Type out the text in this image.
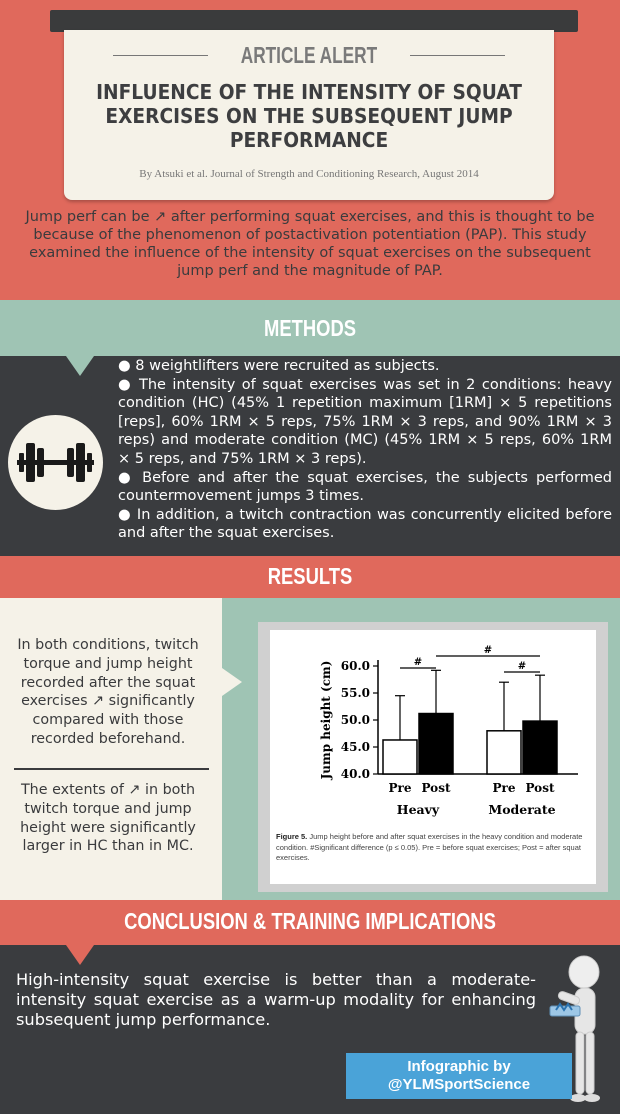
ARTICLE ALERT
INFLUENCE OF THE INTENSITY OF SQUAT EXERCISES ON THE SUBSEQUENT JUMP PERFORMANCE
By Atsuki et al. Journal of Strength and Conditioning Research, August 2014
Jump perf can be ↗ after performing squat exercises, and this is thought to be because of the phenomenon of postactivation potentiation (PAP). This study examined the influence of the intensity of squat exercises on the subsequent jump perf and the magnitude of PAP.
METHODS

● 8 weightlifters were recruited as subjects.

● The intensity of squat exercises was set in 2 conditions: heavy condition (HC) (45% 1 repetition maximum [1RM] × 5 repetitions [reps], 60% 1RM × 5 reps, 75% 1RM × 3 reps, and 90% 1RM × 3 reps) and moderate condition (MC) (45% 1RM × 5 reps, 60% 1RM × 5 reps, and 75% 1RM × 3 reps).

● Before and after the squat exercises, the subjects performed countermovement jumps 3 times.

● In addition, a twitch contraction was concurrently elicited before and after the squat exercises.

RESULTS
In both conditions, twitch torque and jump height recorded after the squat exercises ↗ significantly compared with those recorded beforehand.
The extents of ↗ in both twitch torque and jump height were significantly larger in HC than in MC.
40.0
45.0
50.0
55.0
60.0
Jump height (cm)
Pre Post	Pre Post
Heavy	Moderate
#	#
#
Figure 5. Jump height before and after squat exercises in the heavy condition and moderate condition. #Significant difference (p ≤ 0.05). Pre = before squat exercises; Post = after squat exercises.
CONCLUSION & TRAINING IMPLICATIONS
High-intensity squat exercise is better than a moderate-intensity squat exercise as a warm-up modality for enhancing subsequent jump performance.
Infographic by
@YLMSportScience
